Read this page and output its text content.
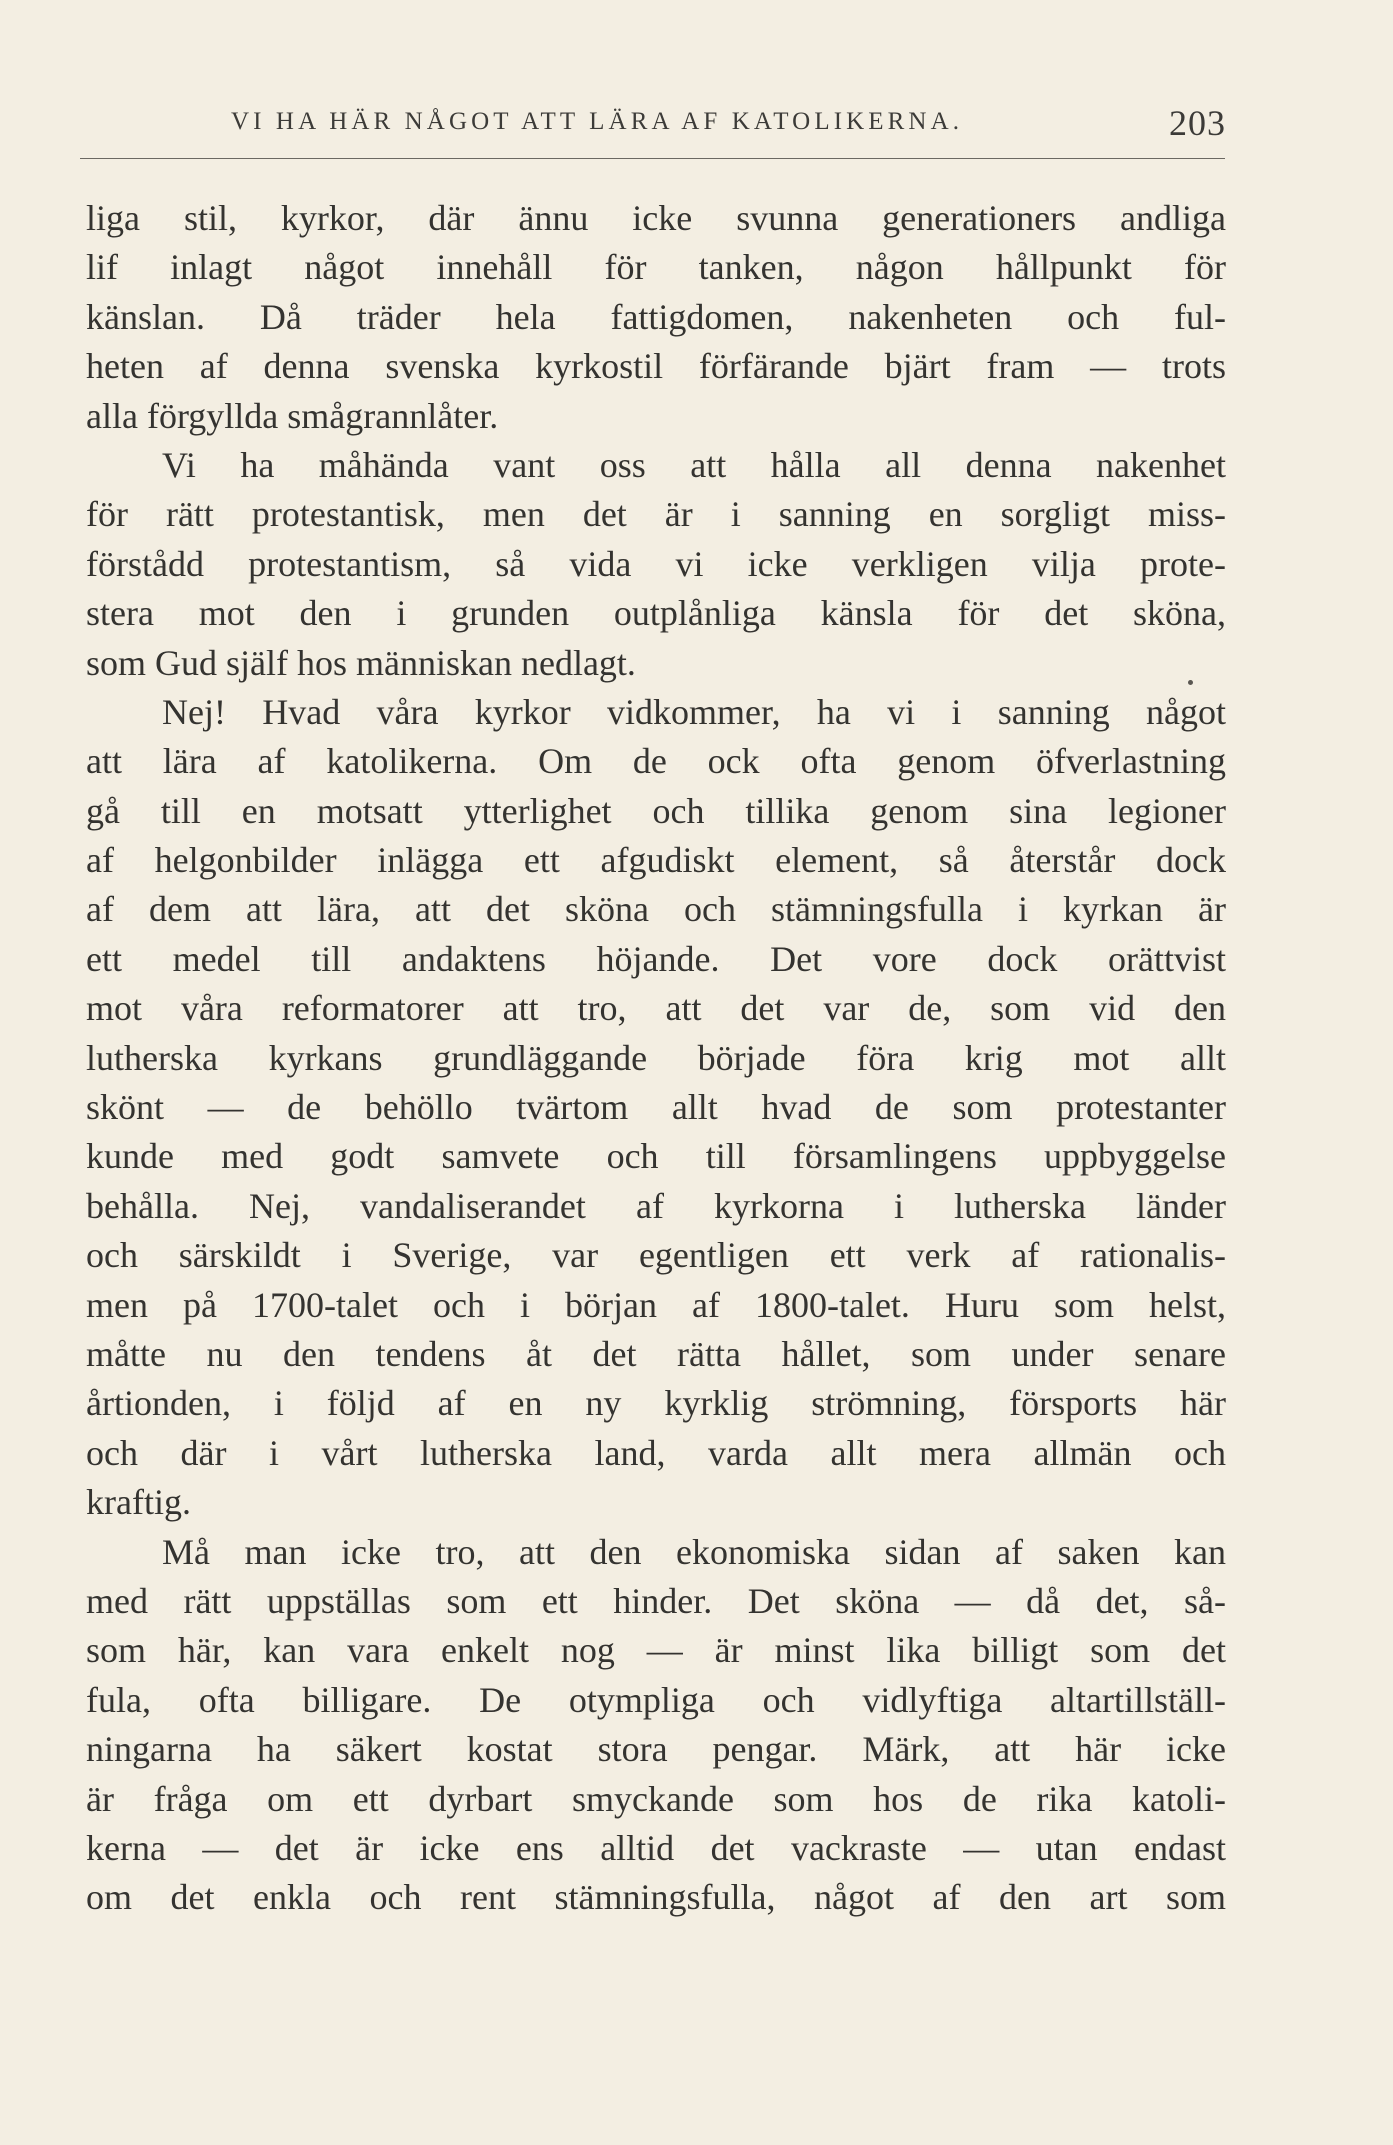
VI HA HÄR NÅGOT ATT LÄRA AF KATOLIKERNA.	203
liga stil, kyrkor, där ännu icke svunna generationers andliga
lif inlagt något innehåll för tanken, någon hållpunkt för
känslan. Då träder hela fattigdomen, nakenheten och ful-
heten af denna svenska kyrkostil förfärande bjärt fram — trots
alla förgyllda smågrannlåter.
Vi ha måhända vant oss att hålla all denna nakenhet
för rätt protestantisk, men det är i sanning en sorgligt miss-
förstådd protestantism, så vida vi icke verkligen vilja prote-
stera mot den i grunden outplånliga känsla för det sköna,
som Gud själf hos människan nedlagt.
Nej! Hvad våra kyrkor vidkommer, ha vi i sanning något
att lära af katolikerna. Om de ock ofta genom öfverlastning
gå till en motsatt ytterlighet och tillika genom sina legioner
af helgonbilder inlägga ett afgudiskt element, så återstår dock
af dem att lära, att det sköna och stämningsfulla i kyrkan är
ett medel till andaktens höjande. Det vore dock orättvist
mot våra reformatorer att tro, att det var de, som vid den
lutherska kyrkans grundläggande började föra krig mot allt
skönt — de behöllo tvärtom allt hvad de som protestanter
kunde med godt samvete och till församlingens uppbyggelse
behålla. Nej, vandaliserandet af kyrkorna i lutherska länder
och särskildt i Sverige, var egentligen ett verk af rationalis-
men på 1700-talet och i början af 1800-talet. Huru som helst,
måtte nu den tendens åt det rätta hållet, som under senare
årtionden, i följd af en ny kyrklig strömning, försports här
och där i vårt lutherska land, varda allt mera allmän och
kraftig.
Må man icke tro, att den ekonomiska sidan af saken kan
med rätt uppställas som ett hinder. Det sköna — då det, så-
som här, kan vara enkelt nog — är minst lika billigt som det
fula, ofta billigare. De otympliga och vidlyftiga altartillställ-
ningarna ha säkert kostat stora pengar. Märk, att här icke
är fråga om ett dyrbart smyckande som hos de rika katoli-
kerna — det är icke ens alltid det vackraste — utan endast
om det enkla och rent stämningsfulla, något af den art som
